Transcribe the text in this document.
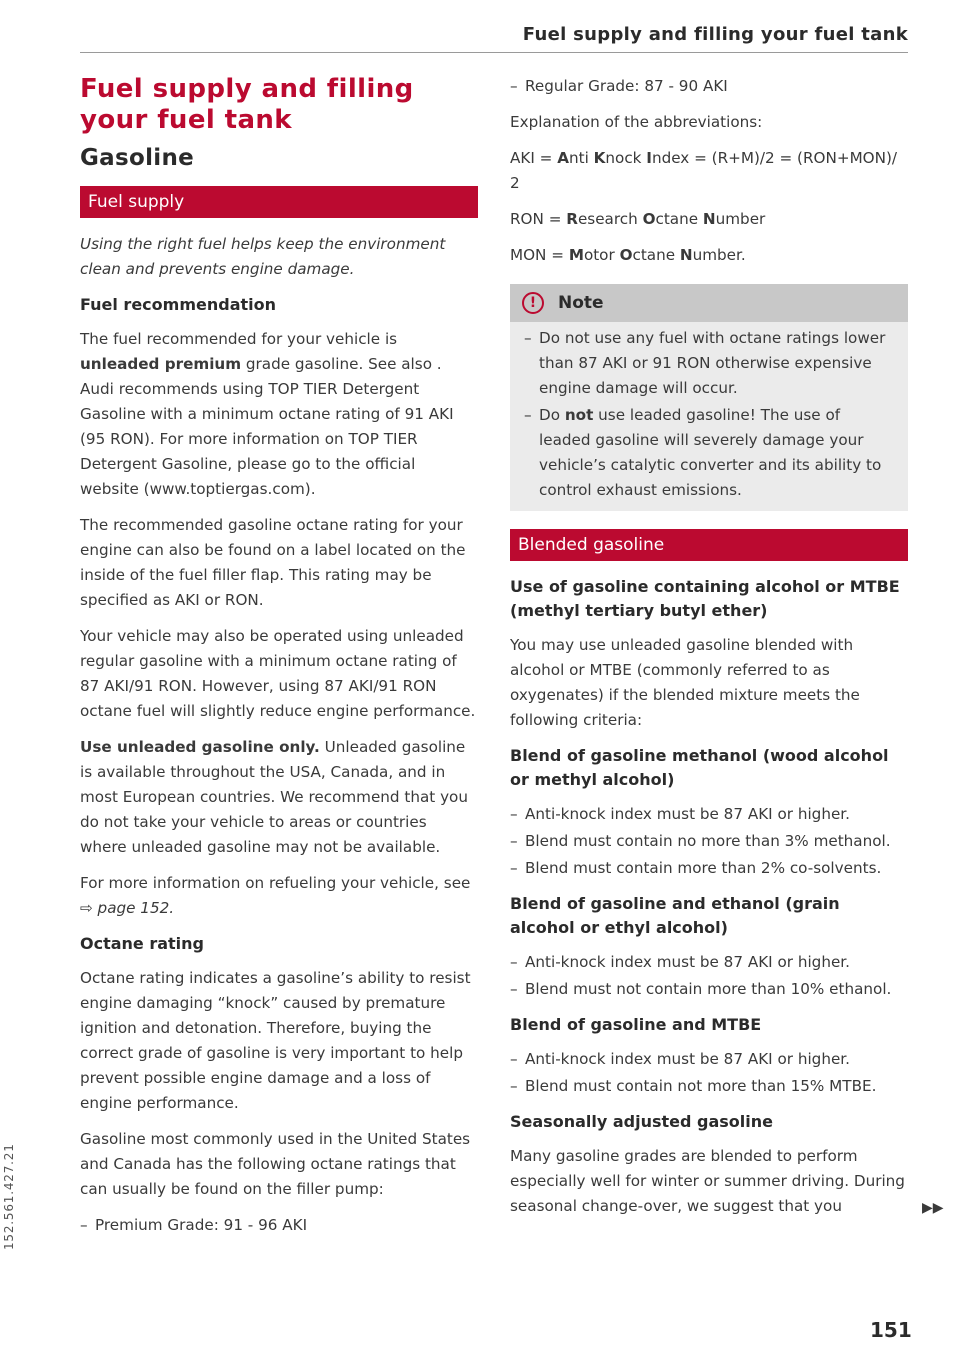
Fuel supply and filling your fuel tank
Fuel supply and filling your fuel tank
Gasoline
Fuel supply

Using the right fuel helps keep the environment clean and prevents engine damage.

Fuel recommendation

The fuel recommended for your vehicle is unleaded premium grade gasoline. See also . Audi recommends using TOP TIER Detergent Gasoline with a minimum octane rating of 91 AKI (95 RON). For more information on TOP TIER Detergent Gasoline, please go to the official website (www.toptiergas.com).

The recommended gasoline octane rating for your engine can also be found on a label located on the inside of the fuel filler flap. This rating may be specified as AKI or RON.

Your vehicle may also be operated using unleaded regular gasoline with a minimum octane rating of 87 AKI/91 RON. However, using 87 AKI/91 RON octane fuel will slightly reduce engine performance.

Use unleaded gasoline only. Unleaded gasoline is available throughout the USA, Canada, and in most European countries. We recommend that you do not take your vehicle to areas or countries where unleaded gasoline may not be available.

For more information on refueling your vehicle, see ⇨ page 152.

Octane rating

Octane rating indicates a gasoline’s ability to resist engine damaging “knock” caused by premature ignition and detonation. Therefore, buying the correct grade of gasoline is very important to help prevent possible engine damage and a loss of engine performance.

Gasoline most commonly used in the United States and Canada has the following octane ratings that can usually be found on the filler pump:

– Premium Grade: 91 - 96 AKI
– Regular Grade: 87 - 90 AKI

Explanation of the abbreviations:

AKI = Anti Knock Index = (R+M)/2 = (RON+MON)/ 2

RON = Research Octane Number

MON = Motor Octane Number.

!	Note
– Do not use any fuel with octane ratings lower than 87 AKI or 91 RON otherwise expensive engine damage will occur.
– Do not use leaded gasoline! The use of leaded gasoline will severely damage your vehicle’s catalytic converter and its ability to control exhaust emissions.
Blended gasoline
Use of gasoline containing alcohol or MTBE (methyl tertiary butyl ether)

You may use unleaded gasoline blended with alcohol or MTBE (commonly referred to as oxygenates) if the blended mixture meets the following criteria:

Blend of gasoline methanol (wood alcohol or methyl alcohol)
– Anti-knock index must be 87 AKI or higher.
– Blend must contain no more than 3% methanol.
– Blend must contain more than 2% co-solvents.
Blend of gasoline and ethanol (grain alcohol or ethyl alcohol)
– Anti-knock index must be 87 AKI or higher.
– Blend must not contain more than 10% ethanol.
Blend of gasoline and MTBE
– Anti-knock index must be 87 AKI or higher.
– Blend must contain not more than 15% MTBE.
Seasonally adjusted gasoline

Many gasoline grades are blended to perform especially well for winter or summer driving. During seasonal change-over, we suggest that you	▶▶
151
152.561.427.21
